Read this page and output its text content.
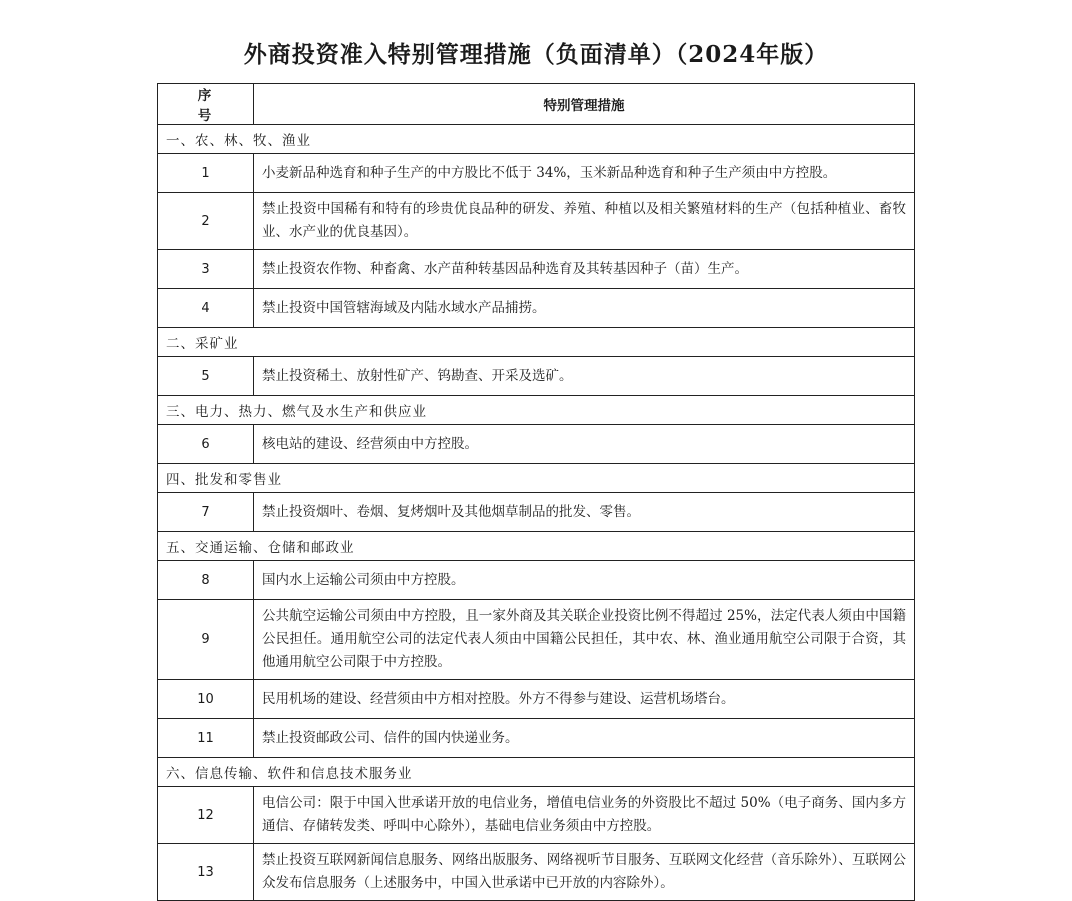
外商投资准入特别管理措施（负面清单）（2024年版）
序　号	特别管理措施
一、农、林、牧、渔业	
1	小麦新品种选育和种子生产的中方股比不低于 34%，玉米新品种选育和种子生产须由中方控股。
2	禁止投资中国稀有和特有的珍贵优良品种的研发、养殖、种植以及相关繁殖材料的生产（包括种植业、畜牧业、水产业的优良基因）。
3	禁止投资农作物、种畜禽、水产苗种转基因品种选育及其转基因种子（苗）生产。
4	禁止投资中国管辖海域及内陆水域水产品捕捞。
二、采矿业	
5	禁止投资稀土、放射性矿产、钨勘查、开采及选矿。
三、电力、热力、燃气及水生产和供应业	
6	核电站的建设、经营须由中方控股。
四、批发和零售业	
7	禁止投资烟叶、卷烟、复烤烟叶及其他烟草制品的批发、零售。
五、交通运输、仓储和邮政业	
8	国内水上运输公司须由中方控股。
9	公共航空运输公司须由中方控股，且一家外商及其关联企业投资比例不得超过 25%，法定代表人须由中国籍公民担任。通用航空公司的法定代表人须由中国籍公民担任，其中农、林、渔业通用航空公司限于合资，其他通用航空公司限于中方控股。
10	民用机场的建设、经营须由中方相对控股。外方不得参与建设、运营机场塔台。
11	禁止投资邮政公司、信件的国内快递业务。
六、信息传输、软件和信息技术服务业	
12	电信公司：限于中国入世承诺开放的电信业务，增值电信业务的外资股比不超过 50%（电子商务、国内多方通信、存储转发类、呼叫中心除外），基础电信业务须由中方控股。
13	禁止投资互联网新闻信息服务、网络出版服务、网络视听节目服务、互联网文化经营（音乐除外）、互联网公众发布信息服务（上述服务中，中国入世承诺中已开放的内容除外）。
